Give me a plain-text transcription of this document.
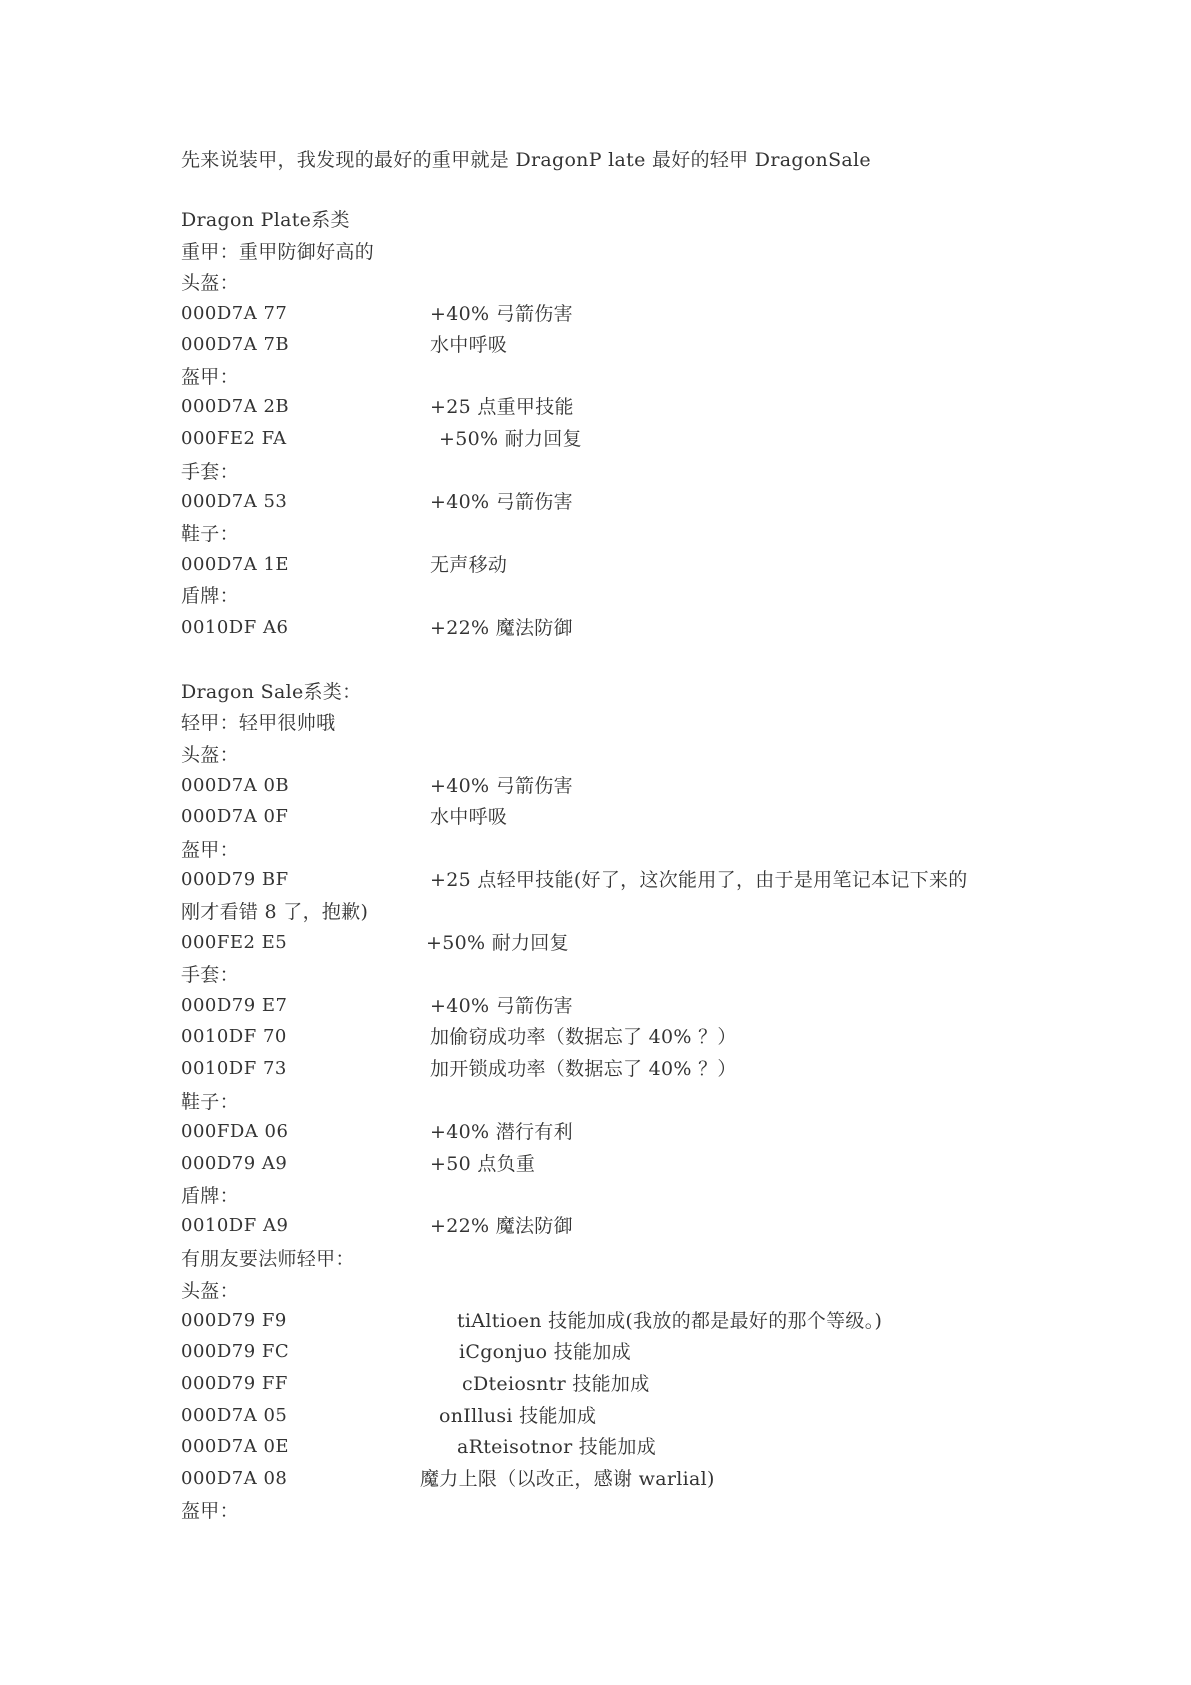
先来说装甲，我发现的最好的重甲就是 DragonP late 最好的轻甲 DragonSale
Dragon Plate系类
重甲：重甲防御好高的
头盔：
000D7A 77	+40% 弓箭伤害
000D7A 7B	水中呼吸
盔甲：
000D7A 2B	+25 点重甲技能
000FE2 FA	+50% 耐力回复
手套：
000D7A 53	+40% 弓箭伤害
鞋子：
000D7A 1E	无声移动
盾牌：
0010DF A6	+22% 魔法防御
Dragon Sale系类：
轻甲：轻甲很帅哦
头盔：
000D7A 0B	+40% 弓箭伤害
000D7A 0F	水中呼吸
盔甲：
000D79 BF	+25 点轻甲技能(好了，这次能用了，由于是用笔记本记下来的
刚才看错 8 了，抱歉)
000FE2 E5	+50% 耐力回复
手套：
000D79 E7	+40% 弓箭伤害
0010DF 70	加偷窃成功率（数据忘了 40% ？）
0010DF 73	加开锁成功率（数据忘了 40% ？）
鞋子：
000FDA 06	+40% 潜行有利
000D79 A9	+50 点负重
盾牌：
0010DF A9	+22% 魔法防御
有朋友要法师轻甲：
头盔：
000D79 F9	tiAltioen 技能加成(我放的都是最好的那个等级。)
000D79 FC	iCgonjuo 技能加成
000D79 FF	cDteiosntr 技能加成
000D7A 05	onIllusi 技能加成
000D7A 0E	aRteisotnor 技能加成
000D7A 08	魔力上限（以改正，感谢 warlial)
盔甲：
